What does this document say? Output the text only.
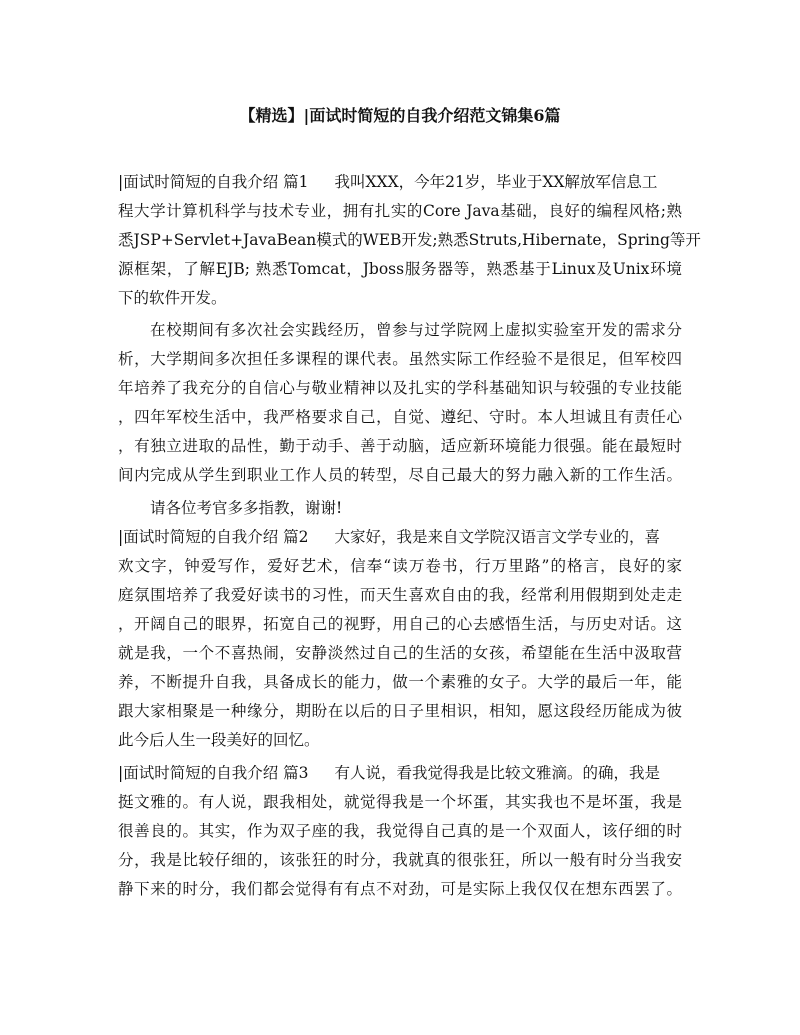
【精选】|面试时简短的自我介绍范文锦集6篇
|面试时简短的自我介绍 篇1 我叫XXX，今年21岁，毕业于XX解放军信息工
程大学计算机科学与技术专业，拥有扎实的Core Java基础，良好的编程风格;熟
悉JSP+Servlet+JavaBean模式的WEB开发;熟悉Struts,Hibernate，Spring等开
源框架，了解EJB; 熟悉Tomcat，Jboss服务器等，熟悉基于Linux及Unix环境
下的软件开发。
在校期间有多次社会实践经历，曾参与过学院网上虚拟实验室开发的需求分
析，大学期间多次担任多课程的课代表。虽然实际工作经验不是很足，但军校四
年培养了我充分的自信心与敬业精神以及扎实的学科基础知识与较强的专业技能
，四年军校生活中，我严格要求自己，自觉、遵纪、守时。本人坦诚且有责任心
，有独立进取的品性，勤于动手、善于动脑，适应新环境能力很强。能在最短时
间内完成从学生到职业工作人员的转型，尽自己最大的努力融入新的工作生活。
请各位考官多多指教，谢谢!
|面试时简短的自我介绍 篇2 大家好，我是来自文学院汉语言文学专业的，喜
欢文字，钟爱写作，爱好艺术，信奉“读万卷书，行万里路”的格言，良好的家
庭氛围培养了我爱好读书的习性，而天生喜欢自由的我，经常利用假期到处走走
，开阔自己的眼界，拓宽自己的视野，用自己的心去感悟生活，与历史对话。这
就是我，一个不喜热闹，安静淡然过自己的生活的女孩，希望能在生活中汲取营
养，不断提升自我，具备成长的能力，做一个素雅的女子。大学的最后一年，能
跟大家相聚是一种缘分，期盼在以后的日子里相识，相知，愿这段经历能成为彼
此今后人生一段美好的回忆。
|面试时简短的自我介绍 篇3 有人说，看我觉得我是比较文雅滴。的确，我是
挺文雅的。有人说，跟我相处，就觉得我是一个坏蛋，其实我也不是坏蛋，我是
很善良的。其实，作为双子座的我，我觉得自己真的是一个双面人，该仔细的时
分，我是比较仔细的，该张狂的时分，我就真的很张狂，所以一般有时分当我安
静下来的时分，我们都会觉得有有点不对劲，可是实际上我仅仅在想东西罢了。
